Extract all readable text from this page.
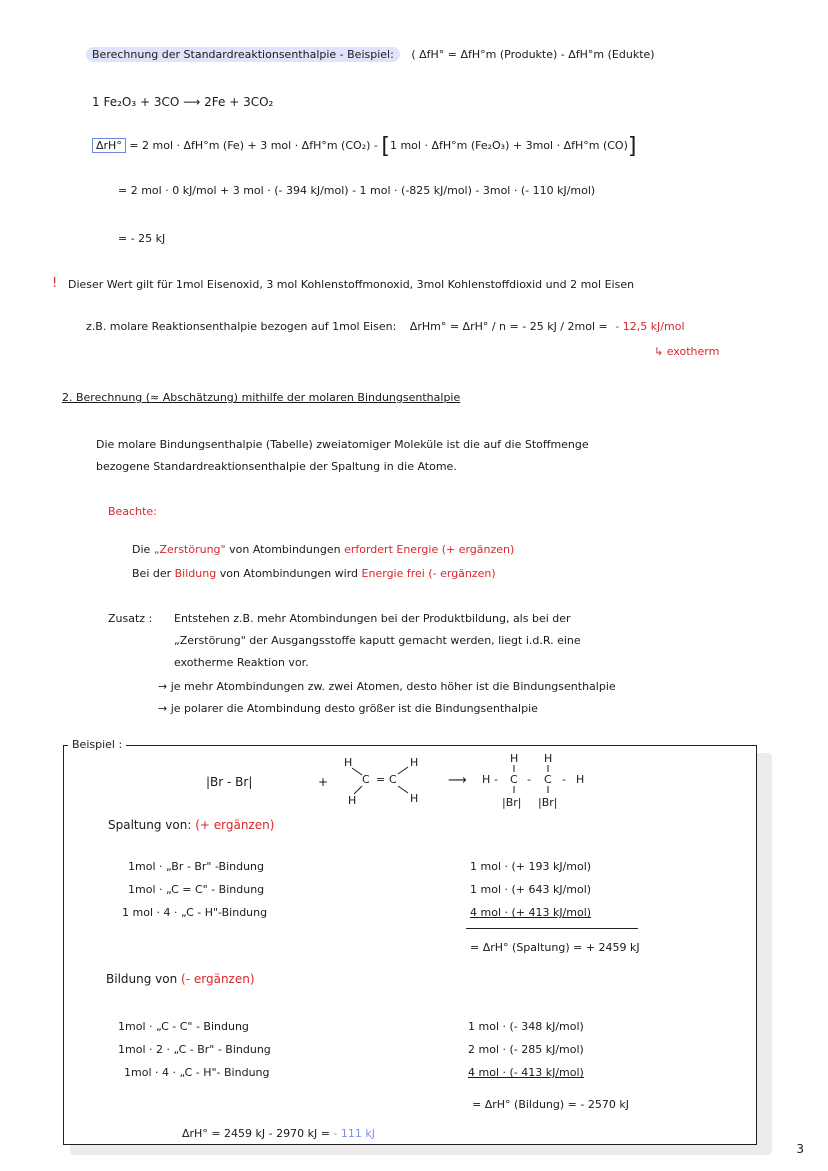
Berechnung der Standardreaktionsenthalpie - Beispiel: ( ΔfH° = ΔfH°m (Produkte) - ΔfH°m (Edukte)
1 Fe₂O₃ + 3CO ⟶ 2Fe + 3CO₂
ΔrH° = 2 mol · ΔfH°m (Fe) + 3 mol · ΔfH°m (CO₂) - [1 mol · ΔfH°m (Fe₂O₃) + 3mol · ΔfH°m (CO)]
= 2 mol · 0 kJ/mol + 3 mol · (- 394 kJ/mol) - 1 mol · (-825 kJ/mol) - 3mol · (- 110 kJ/mol)
= - 25 kJ
! Dieser Wert gilt für 1mol Eisenoxid, 3 mol Kohlenstoffmonoxid, 3mol Kohlenstoffdioxid und 2 mol Eisen
z.B. molare Reaktionsenthalpie bezogen auf 1mol Eisen: ΔrHm° = ΔrH° / n = - 25 kJ / 2mol = - 12,5 kJ/mol
↳ exotherm
2. Berechnung (≈ Abschätzung) mithilfe der molaren Bindungsenthalpie
Die molare Bindungsenthalpie (Tabelle) zweiatomiger Moleküle ist die auf die Stoffmenge
bezogene Standardreaktionsenthalpie der Spaltung in die Atome.
Beachte:
Die „Zerstörung" von Atombindungen erfordert Energie (+ ergänzen)
Bei der Bildung von Atombindungen wird Energie frei (- ergänzen)
Zusatz : Entstehen z.B. mehr Atombindungen bei der Produktbildung, als bei der
„Zerstörung" der Ausgangsstoffe kaputt gemacht werden, liegt i.d.R. eine
exotherme Reaktion vor.
→ je mehr Atombindungen zw. zwei Atomen, desto höher ist die Bindungsenthalpie
→ je polarer die Atombindung desto größer ist die Bindungsenthalpie
Beispiel :
|Br - Br|	+
H
C = C
H
H	H
⟶
H H
H - C - C - H
|Br| |Br|
Spaltung von: (+ ergänzen)
1mol · „Br - Br" -Bindung	1 mol · (+ 193 kJ/mol)
1mol · „C = C" - Bindung	1 mol · (+ 643 kJ/mol)
1 mol · 4 · „C - H"-Bindung	4 mol · (+ 413 kJ/mol)
= ΔrH° (Spaltung) = + 2459 kJ
Bildung von (- ergänzen)
1mol · „C - C" - Bindung	1 mol · (- 348 kJ/mol)
1mol · 2 · „C - Br" - Bindung	2 mol · (- 285 kJ/mol)
1mol · 4 · „C - H"- Bindung	4 mol · (- 413 kJ/mol)
= ΔrH° (Bildung) = - 2570 kJ
ΔrH° = 2459 kJ - 2970 kJ = - 111 kJ
3
